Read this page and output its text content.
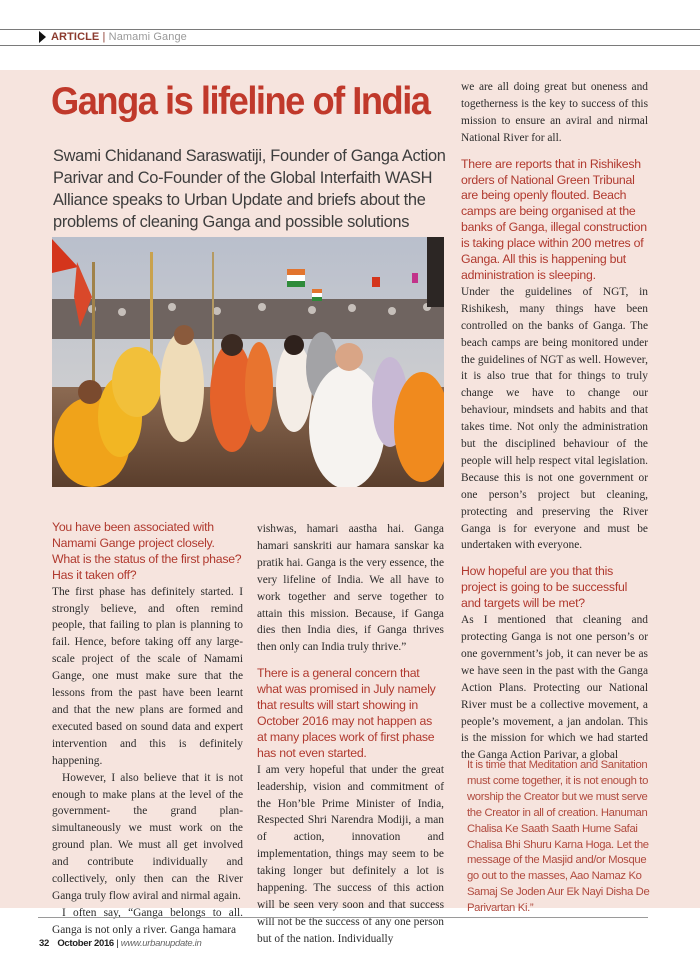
ARTICLE | Namami Gange
Ganga is lifeline of India
Swami Chidanand Saraswatiji, Founder of Ganga Action Parivar and Co-Founder of the Global Interfaith WASH Alliance speaks to Urban Update and briefs about the problems of cleaning Ganga and possible solutions

You have been associated with Namami Gange project closely. What is the status of the first phase? Has it taken off?

The first phase has definitely started. I strongly believe, and often remind people, that failing to plan is planning to fail. Hence, before taking off any large-scale project of the scale of Namami Gange, one must make sure that the lessons from the past have been learnt and that the new plans are formed and executed based on sound data and expert intervention and this is definitely happening.

However, I also believe that it is not enough to make plans at the level of the government- the grand plan- simultaneously we must work on the ground plan. We must all get involved and contribute individually and collectively, only then can the River Ganga truly flow aviral and nirmal again.

I often say, “Ganga belongs to all. Ganga is not only a river. Ganga hamara

vishwas, hamari aastha hai. Ganga hamari sanskriti aur hamara sanskar ka pratik hai. Ganga is the very essence, the very lifeline of India. We all have to work together and serve together to attain this mission. Because, if Ganga dies then India dies, if Ganga thrives then only can India truly thrive.”

There is a general concern that what was promised in July namely that results will start showing in October 2016 may not happen as at many places work of first phase has not even started.

I am very hopeful that under the great leadership, vision and commitment of the Hon’ble Prime Minister of India, Respected Shri Narendra Modiji, a man of action, innovation and implementation, things may seem to be taking longer but definitely a lot is happening. The success of this action will be seen very soon and that success will not be the success of any one person but of the nation. Individually

we are all doing great but oneness and togetherness is the key to success of this mission to ensure an aviral and nirmal National River for all.

There are reports that in Rishikesh orders of National Green Tribunal are being openly flouted. Beach camps are being organised at the banks of Ganga, illegal construction is taking place within 200 metres of Ganga. All this is happening but administration is sleeping.

Under the guidelines of NGT, in Rishikesh, many things have been controlled on the banks of Ganga. The beach camps are being monitored under the guidelines of NGT as well. However, it is also true that for things to truly change we have to change our behaviour, mindsets and habits and that takes time. Not only the administration but the disciplined behaviour of the people will help respect vital legislation. Because this is not one government or one person’s project but cleaning, protecting and preserving the River Ganga is for everyone and must be undertaken with everyone.

How hopeful are you that this project is going to be successful and targets will be met?

As I mentioned that cleaning and protecting Ganga is not one person’s or one government’s job, it can never be as we have seen in the past with the Ganga Action Plans. Protecting our National River must be a collective movement, a people’s movement, a jan andolan. This is the mission for which we had started the Ganga Action Parivar, a global

It is time that Meditation and Sanitation must come together, it is not enough to worship the Creator but we must serve the Creator in all of creation. Hanuman Chalisa Ke Saath Saath Hume Safai Chalisa Bhi Shuru Karna Hoga. Let the message of the Masjid and/or Mosque go out to the masses, Aao Namaz Ko Samaj Se Joden Aur Ek Nayi Disha De Parivartan Ki.”
32 October 2016 | www.urbanupdate.in
